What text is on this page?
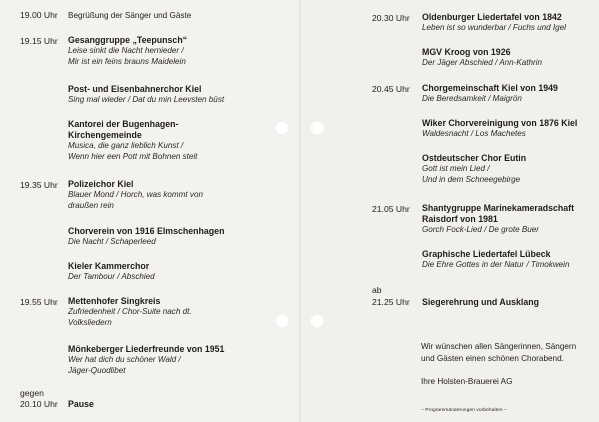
19.00 Uhr Begrüßung der Sänger und Gäste
19.15 Uhr Gesanggruppe „Teepunsch“
Leise sinkt die Nacht hernieder /
Mir ist ein feins brauns Maidelein
Post- und Eisenbahnerchor Kiel
Sing mal wieder / Dat du min Leevsten büst
Kantorei der Bugenhagen-
Kirchengemeinde
Musica, die ganz lieblich Kunst /
Wenn hier een Pott mit Bohnen steit
19.35 Uhr Polizeichor Kiel
Blauer Mond / Horch, was kommt von
draußen rein
Chorverein von 1916 Elmschenhagen
Die Nacht / Schaperleed
Kieler Kammerchor
Der Tambour / Abschied
19.55 Uhr Mettenhofer Singkreis
Zufriedenheit / Chor-Suite nach dt.
Volksliedern
Mönkeberger Liederfreunde von 1951
Wer hat dich du schöner Wald /
Jäger-Quodlibet
gegen
20.10 Uhr Pause
20.30 Uhr Oldenburger Liedertafel von 1842
Leben ist so wunderbar / Fuchs und Igel
MGV Kroog von 1926
Der Jäger Abschied / Ann-Kathrin
20.45 Uhr Chorgemeinschaft Kiel von 1949
Die Beredsamkeit / Maigrön
Wiker Chorvereinigung von 1876 Kiel
Waldesnacht / Los Machetes
Ostdeutscher Chor Eutin
Gott ist mein Lied /
Und in dem Schneegebirge
21.05 Uhr Shantygruppe Marinekameradschaft
Raisdorf von 1981
Gorch Fock-Lied / De grote Buer
Graphische Liedertafel Lübeck
Die Ehre Gottes in der Natur / Timokwein
ab
21.25 Uhr Siegerehrung und Ausklang
Wir wünschen allen Sängerinnen, Sängern
und Gästen einen schönen Chorabend.
Ihre Holsten-Brauerei AG
– Programmänderungen vorbehalten –
